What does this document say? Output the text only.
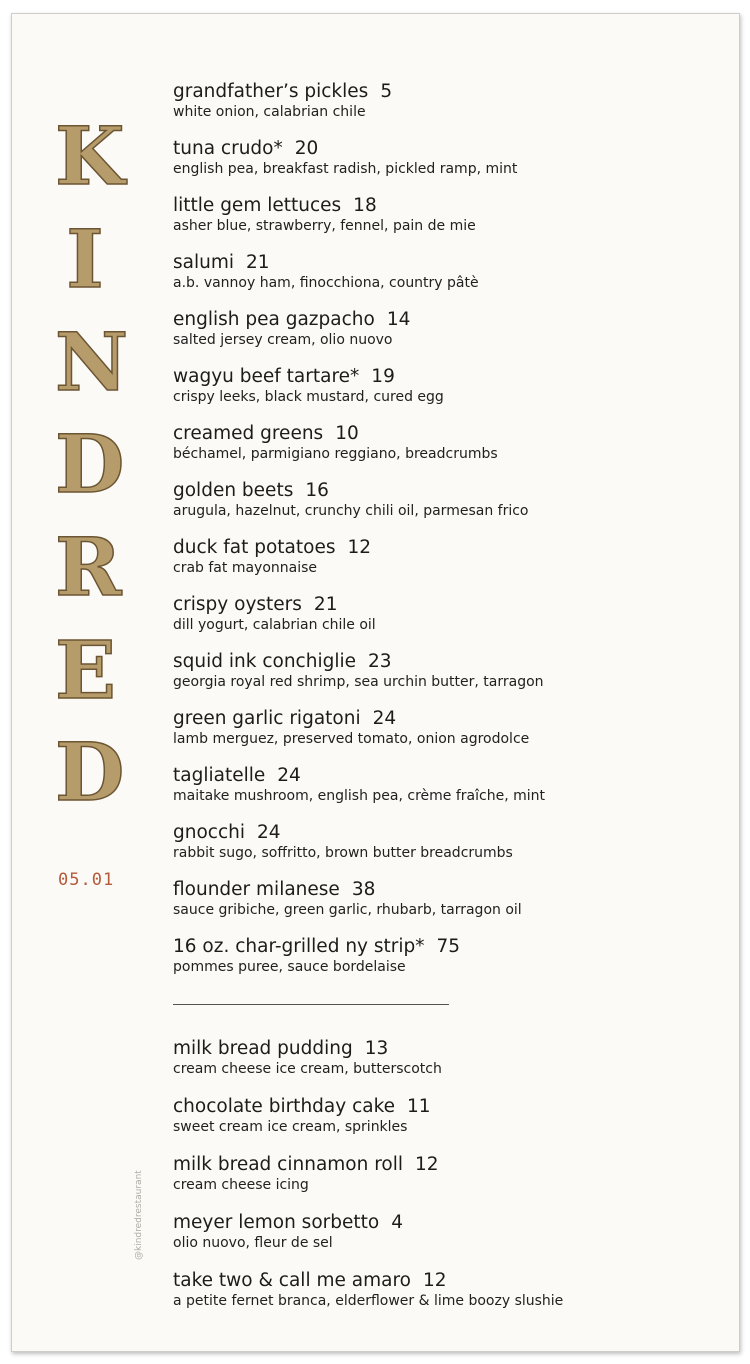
K
I
N
D
R
E
D
05.01
@kindredrestaurant
grandfather’s pickles 5
white onion, calabrian chile
tuna crudo* 20
english pea, breakfast radish, pickled ramp, mint
little gem lettuces 18
asher blue, strawberry, fennel, pain de mie
salumi 21
a.b. vannoy ham, finocchiona, country pâtè
english pea gazpacho 14
salted jersey cream, olio nuovo
wagyu beef tartare* 19
crispy leeks, black mustard, cured egg
creamed greens 10
béchamel, parmigiano reggiano, breadcrumbs
golden beets 16
arugula, hazelnut, crunchy chili oil, parmesan frico
duck fat potatoes 12
crab fat mayonnaise
crispy oysters 21
dill yogurt, calabrian chile oil
squid ink conchiglie 23
georgia royal red shrimp, sea urchin butter, tarragon
green garlic rigatoni 24
lamb merguez, preserved tomato, onion agrodolce
tagliatelle 24
maitake mushroom, english pea, crème fraîche, mint
gnocchi 24
rabbit sugo, soffritto, brown butter breadcrumbs
flounder milanese 38
sauce gribiche, green garlic, rhubarb, tarragon oil
16 oz. char-grilled ny strip* 75
pommes puree, sauce bordelaise
milk bread pudding 13
cream cheese ice cream, butterscotch
chocolate birthday cake 11
sweet cream ice cream, sprinkles
milk bread cinnamon roll 12
cream cheese icing
meyer lemon sorbetto 4
olio nuovo, fleur de sel
take two & call me amaro 12
a petite fernet branca, elderflower & lime boozy slushie
